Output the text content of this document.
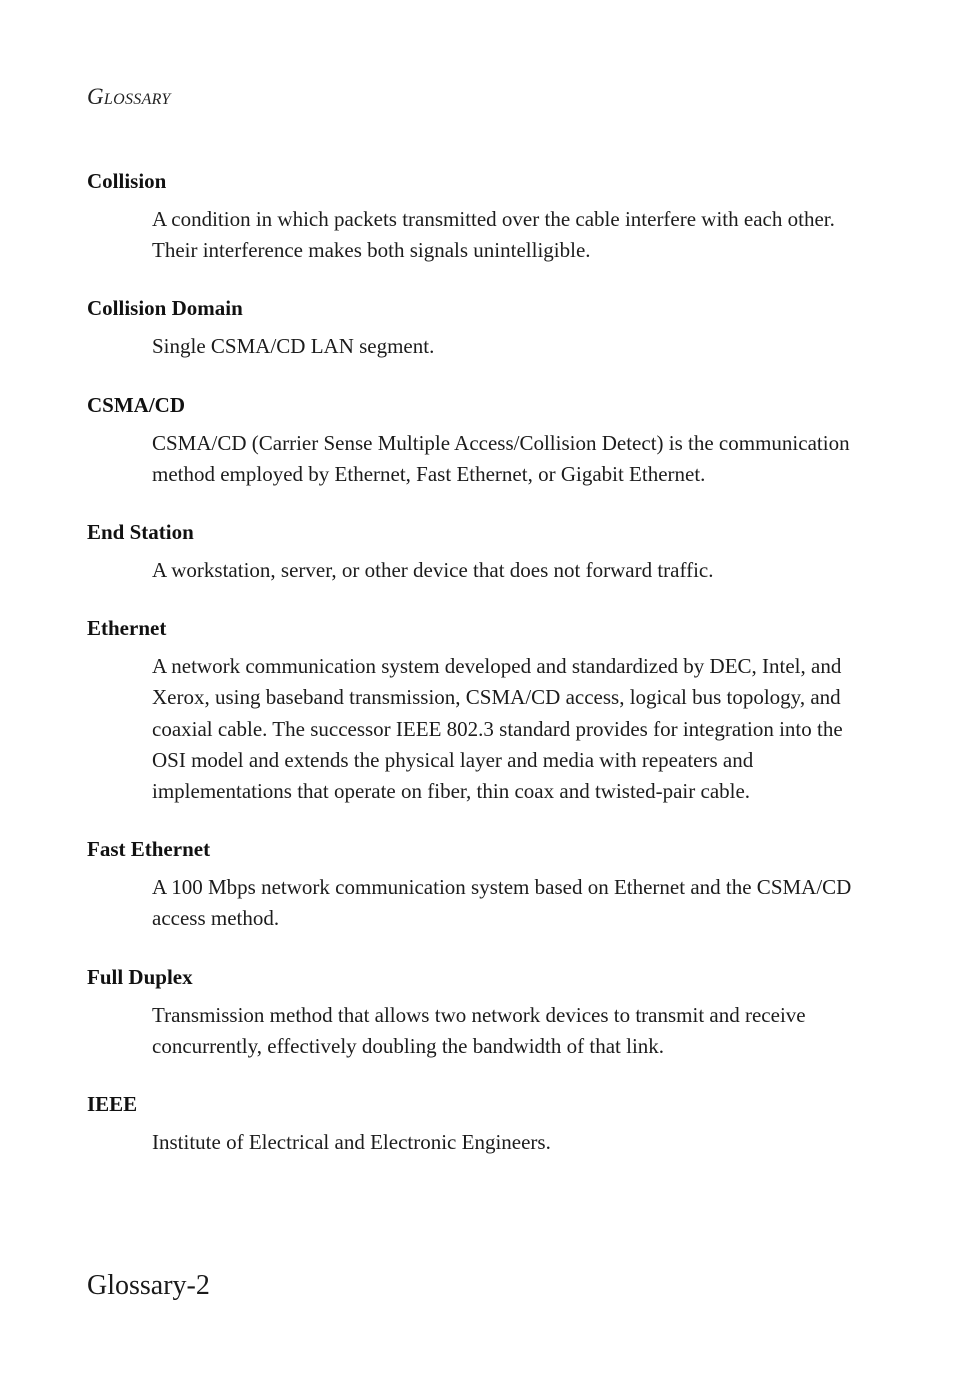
Glossary
Collision
A condition in which packets transmitted over the cable interfere with each other. Their interference makes both signals unintelligible.
Collision Domain
Single CSMA/CD LAN segment.
CSMA/CD
CSMA/CD (Carrier Sense Multiple Access/Collision Detect) is the communication method employed by Ethernet, Fast Ethernet, or Gigabit Ethernet.
End Station
A workstation, server, or other device that does not forward traffic.
Ethernet
A network communication system developed and standardized by DEC, Intel, and Xerox, using baseband transmission, CSMA/CD access, logical bus topology, and coaxial cable. The successor IEEE 802.3 standard provides for integration into the OSI model and extends the physical layer and media with repeaters and implementations that operate on fiber, thin coax and twisted-pair cable.
Fast Ethernet
A 100 Mbps network communication system based on Ethernet and the CSMA/CD access method.
Full Duplex
Transmission method that allows two network devices to transmit and receive concurrently, effectively doubling the bandwidth of that link.
IEEE
Institute of Electrical and Electronic Engineers.
Glossary-2
